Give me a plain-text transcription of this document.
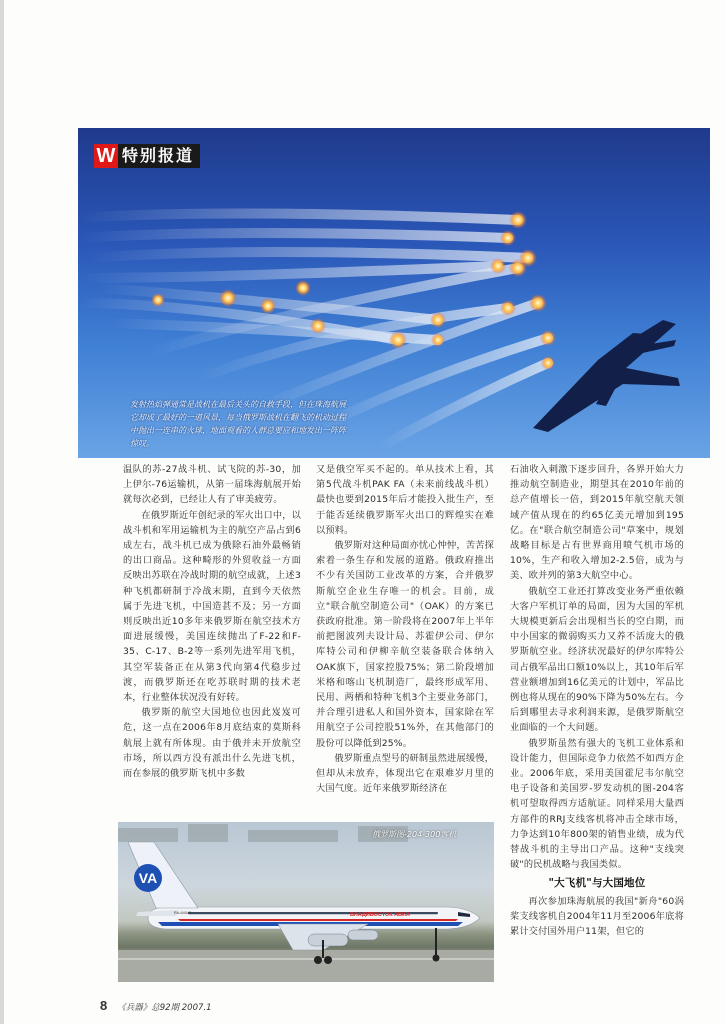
W 特别报道
发射热焰弹通常是战机在最后关头的自救手段，但在珠海航展它却成了最好的一道风景，每当俄罗斯战机在翻飞的机动过程中抛出一连串的火球，地面观看的人群总要应和地发出一阵阵惊叹。

温队的苏-27战斗机、试飞院的苏-30，加上伊尔-76运输机，从第一届珠海航展开始就每次必到，已经让人有了审美疲劳。

在俄罗斯近年创纪录的军火出口中，以战斗机和军用运输机为主的航空产品占到6成左右，战斗机已成为俄除石油外最畅销的出口商品。这种畸形的外贸收益一方面反映出苏联在冷战时期的航空成就，上述3种飞机都研制于冷战末期，直到今天依然属于先进飞机，中国造甚不及；另一方面则反映出近10多年来俄罗斯在航空技术方面进展缓慢，美国连续抛出了F-22和F-35、C-17、B-2等一系列先进军用飞机，其空军装备正在从第3代向第4代稳步过渡，而俄罗斯还在吃苏联时期的技术老本，行业整体状况没有好转。

俄罗斯的航空大国地位也因此岌岌可危，这一点在2006年8月底结束的莫斯科航展上就有所体现。由于俄并未开放航空市场，所以西方没有派出什么先进飞机，而在参展的俄罗斯飞机中多数

又是俄空军买不起的。单从技术上看，其第5代战斗机PAK FA（未来前线战斗机）最快也要到2015年后才能投入批生产，至于能否延续俄罗斯军火出口的辉煌实在难以预料。

俄罗斯对这种局面亦忧心忡忡，苦苦探索着一条生存和发展的道路。俄政府推出不少有关国防工业改革的方案，合并俄罗斯航空企业生存唯一的机会。目前，成立"联合航空制造公司"（OAK）的方案已获政府批准。第一阶段将在2007年上半年前把图波列夫设计局、苏霍伊公司、伊尔库特公司和伊柳辛航空装备联合体纳入OAK旗下，国家控股75%；第二阶段增加米格和喀山飞机制造厂，最终形成军用、民用、两栖和特种飞机3个主要业务部门，并合理引进私人和国外资本，国家除在军用航空子公司控股51%外，在其他部门的股份可以降低到25%。

俄罗斯重点型号的研制虽然进展缓慢，但却从未放弃，体现出它在艰难岁月里的大国气度。近年来俄罗斯经济在

石油收入刺激下逐步回升，各界开始大力推动航空制造业，期望其在2010年前的总产值增长一倍，到2015年航空航天领域产值从现在的约65亿美元增加到195亿。在"联合航空制造公司"草案中，规划战略目标是占有世界商用喷气机市场的10%，生产和收入增加2-2.5倍，成为与美、欧并列的第3大航空中心。

俄航空工业还打算改变业务严重依赖大客户军机订单的局面，因为大国的军机大规模更新后会出现相当长的空白期，而中小国家的微弱购买力又养不活庞大的俄罗斯航空业。经济状况最好的伊尔库特公司占俄军品出口额10%以上，其10年后军营业额增加到16亿美元的计划中，军品比例也将从现在的90%下降为50%左右。今后到哪里去寻求利润来源，是俄罗斯航空业面临的一个大问题。

俄罗斯虽然有强大的飞机工业体系和设计能力，但国际竞争力依然不如西方企业。2006年底，采用美国霍尼韦尔航空电子设备和美国罗-罗发动机的图-204客机可望取得西方适航证。同样采用大量西方部件的RRJ支线客机将冲击全球市场，力争达到10年800架的销售业绩，成为代替战斗机的主导出口产品。这种"支线突破"的民机战略与我国类似。

"大飞机"与大国地位

再次参加珠海航展的我国"新舟"60涡桨支线客机自2004年11月至2006年底将累计交付国外用户11架，但它的

VA
ВЛАДИВОСТОК АВИА
RA-64042
俄罗斯图-204-300客机
8 《兵器》总92期 2007.1
